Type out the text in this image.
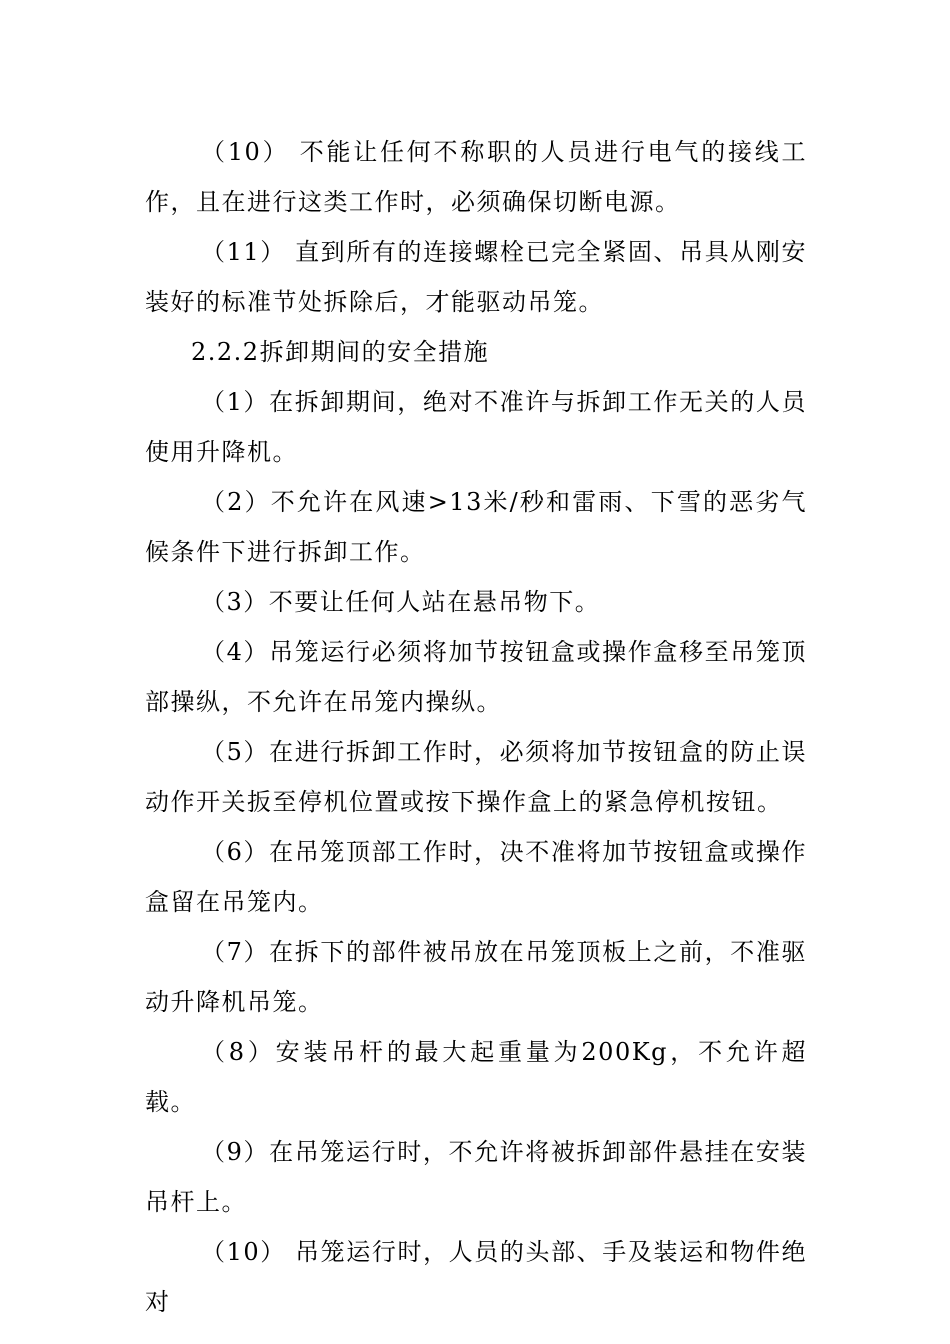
（10） 不能让任何不称职的人员进行电气的接线工作，且在进行这类工作时，必须确保切断电源。

（11） 直到所有的连接螺栓已完全紧固、吊具从刚安装好的标准节处拆除后，才能驱动吊笼。

2.2.2拆卸期间的安全措施

（1）在拆卸期间，绝对不准许与拆卸工作无关的人员使用升降机。

（2）不允许在风速>13米/秒和雷雨、下雪的恶劣气候条件下进行拆卸工作。

（3）不要让任何人站在悬吊物下。

（4）吊笼运行必须将加节按钮盒或操作盒移至吊笼顶部操纵，不允许在吊笼内操纵。

（5）在进行拆卸工作时，必须将加节按钮盒的防止误动作开关扳至停机位置或按下操作盒上的紧急停机按钮。

（6）在吊笼顶部工作时，决不准将加节按钮盒或操作盒留在吊笼内。

（7）在拆下的部件被吊放在吊笼顶板上之前，不准驱动升降机吊笼。

（8）安装吊杆的最大起重量为200Kg，不允许超载。

（9）在吊笼运行时，不允许将被拆卸部件悬挂在安装吊杆上。

（10） 吊笼运行时，人员的头部、手及装运和物件绝对
